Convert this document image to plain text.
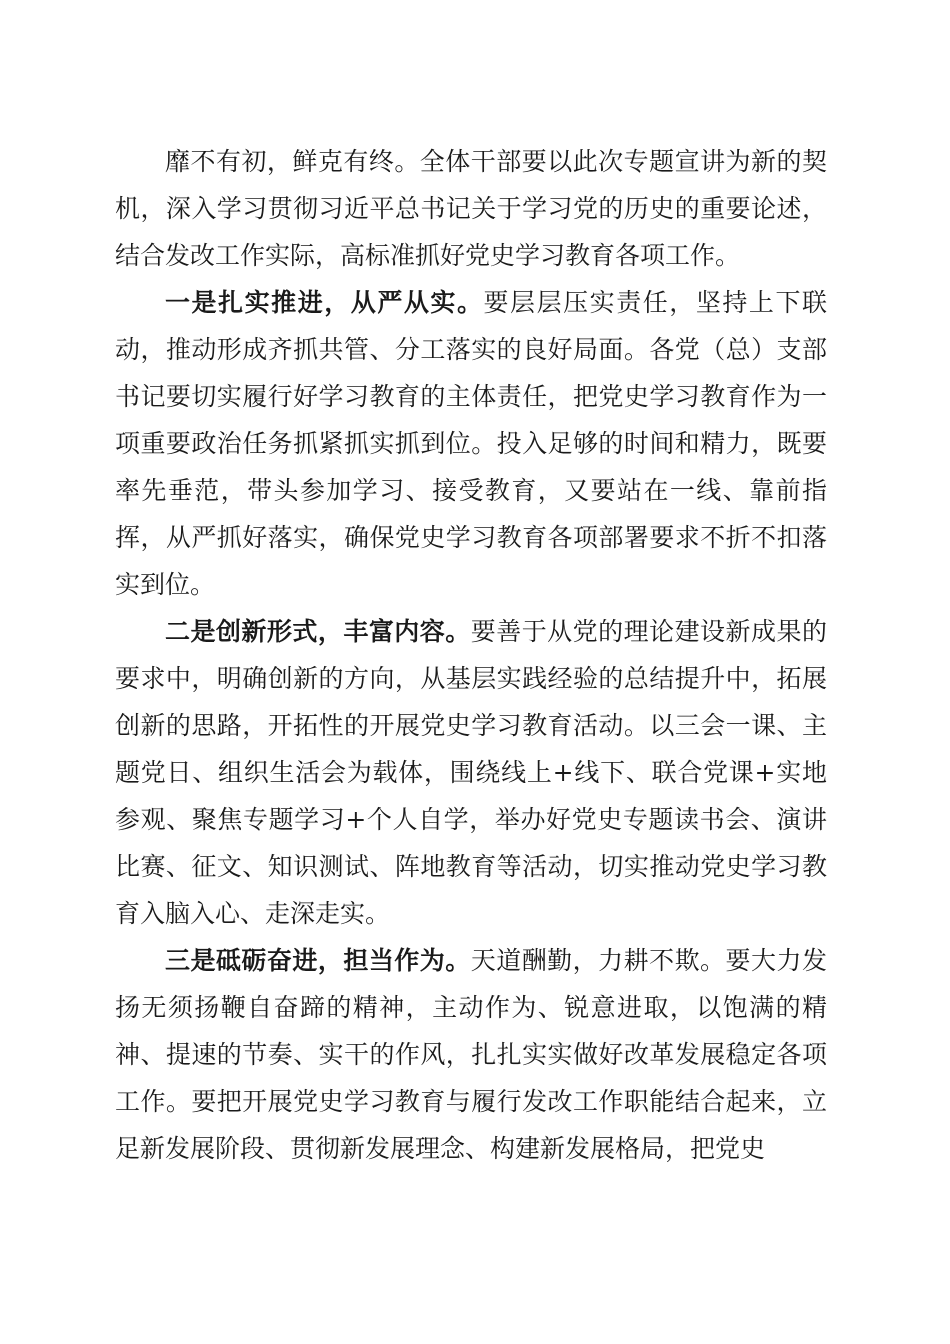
靡不有初，鲜克有终。全体干部要以此次专题宣讲为新的契机，深入学习贯彻习近平总书记关于学习党的历史的重要论述，结合发改工作实际，高标准抓好党史学习教育各项工作。

一是扎实推进，从严从实。要层层压实责任，坚持上下联动，推动形成齐抓共管、分工落实的良好局面。各党（总）支部书记要切实履行好学习教育的主体责任，把党史学习教育作为一项重要政治任务抓紧抓实抓到位。投入足够的时间和精力，既要率先垂范，带头参加学习、接受教育，又要站在一线、靠前指挥，从严抓好落实，确保党史学习教育各项部署要求不折不扣落实到位。

二是创新形式，丰富内容。要善于从党的理论建设新成果的要求中，明确创新的方向，从基层实践经验的总结提升中，拓展创新的思路，开拓性的开展党史学习教育活动。以三会一课、主题党日、组织生活会为载体，围绕线上+线下、联合党课+实地参观、聚焦专题学习+个人自学，举办好党史专题读书会、演讲比赛、征文、知识测试、阵地教育等活动，切实推动党史学习教育入脑入心、走深走实。

三是砥砺奋进，担当作为。天道酬勤，力耕不欺。要大力发扬无须扬鞭自奋蹄的精神，主动作为、锐意进取，以饱满的精神、提速的节奏、实干的作风，扎扎实实做好改革发展稳定各项工作。要把开展党史学习教育与履行发改工作职能结合起来，立足新发展阶段、贯彻新发展理念、构建新发展格局，把党史
